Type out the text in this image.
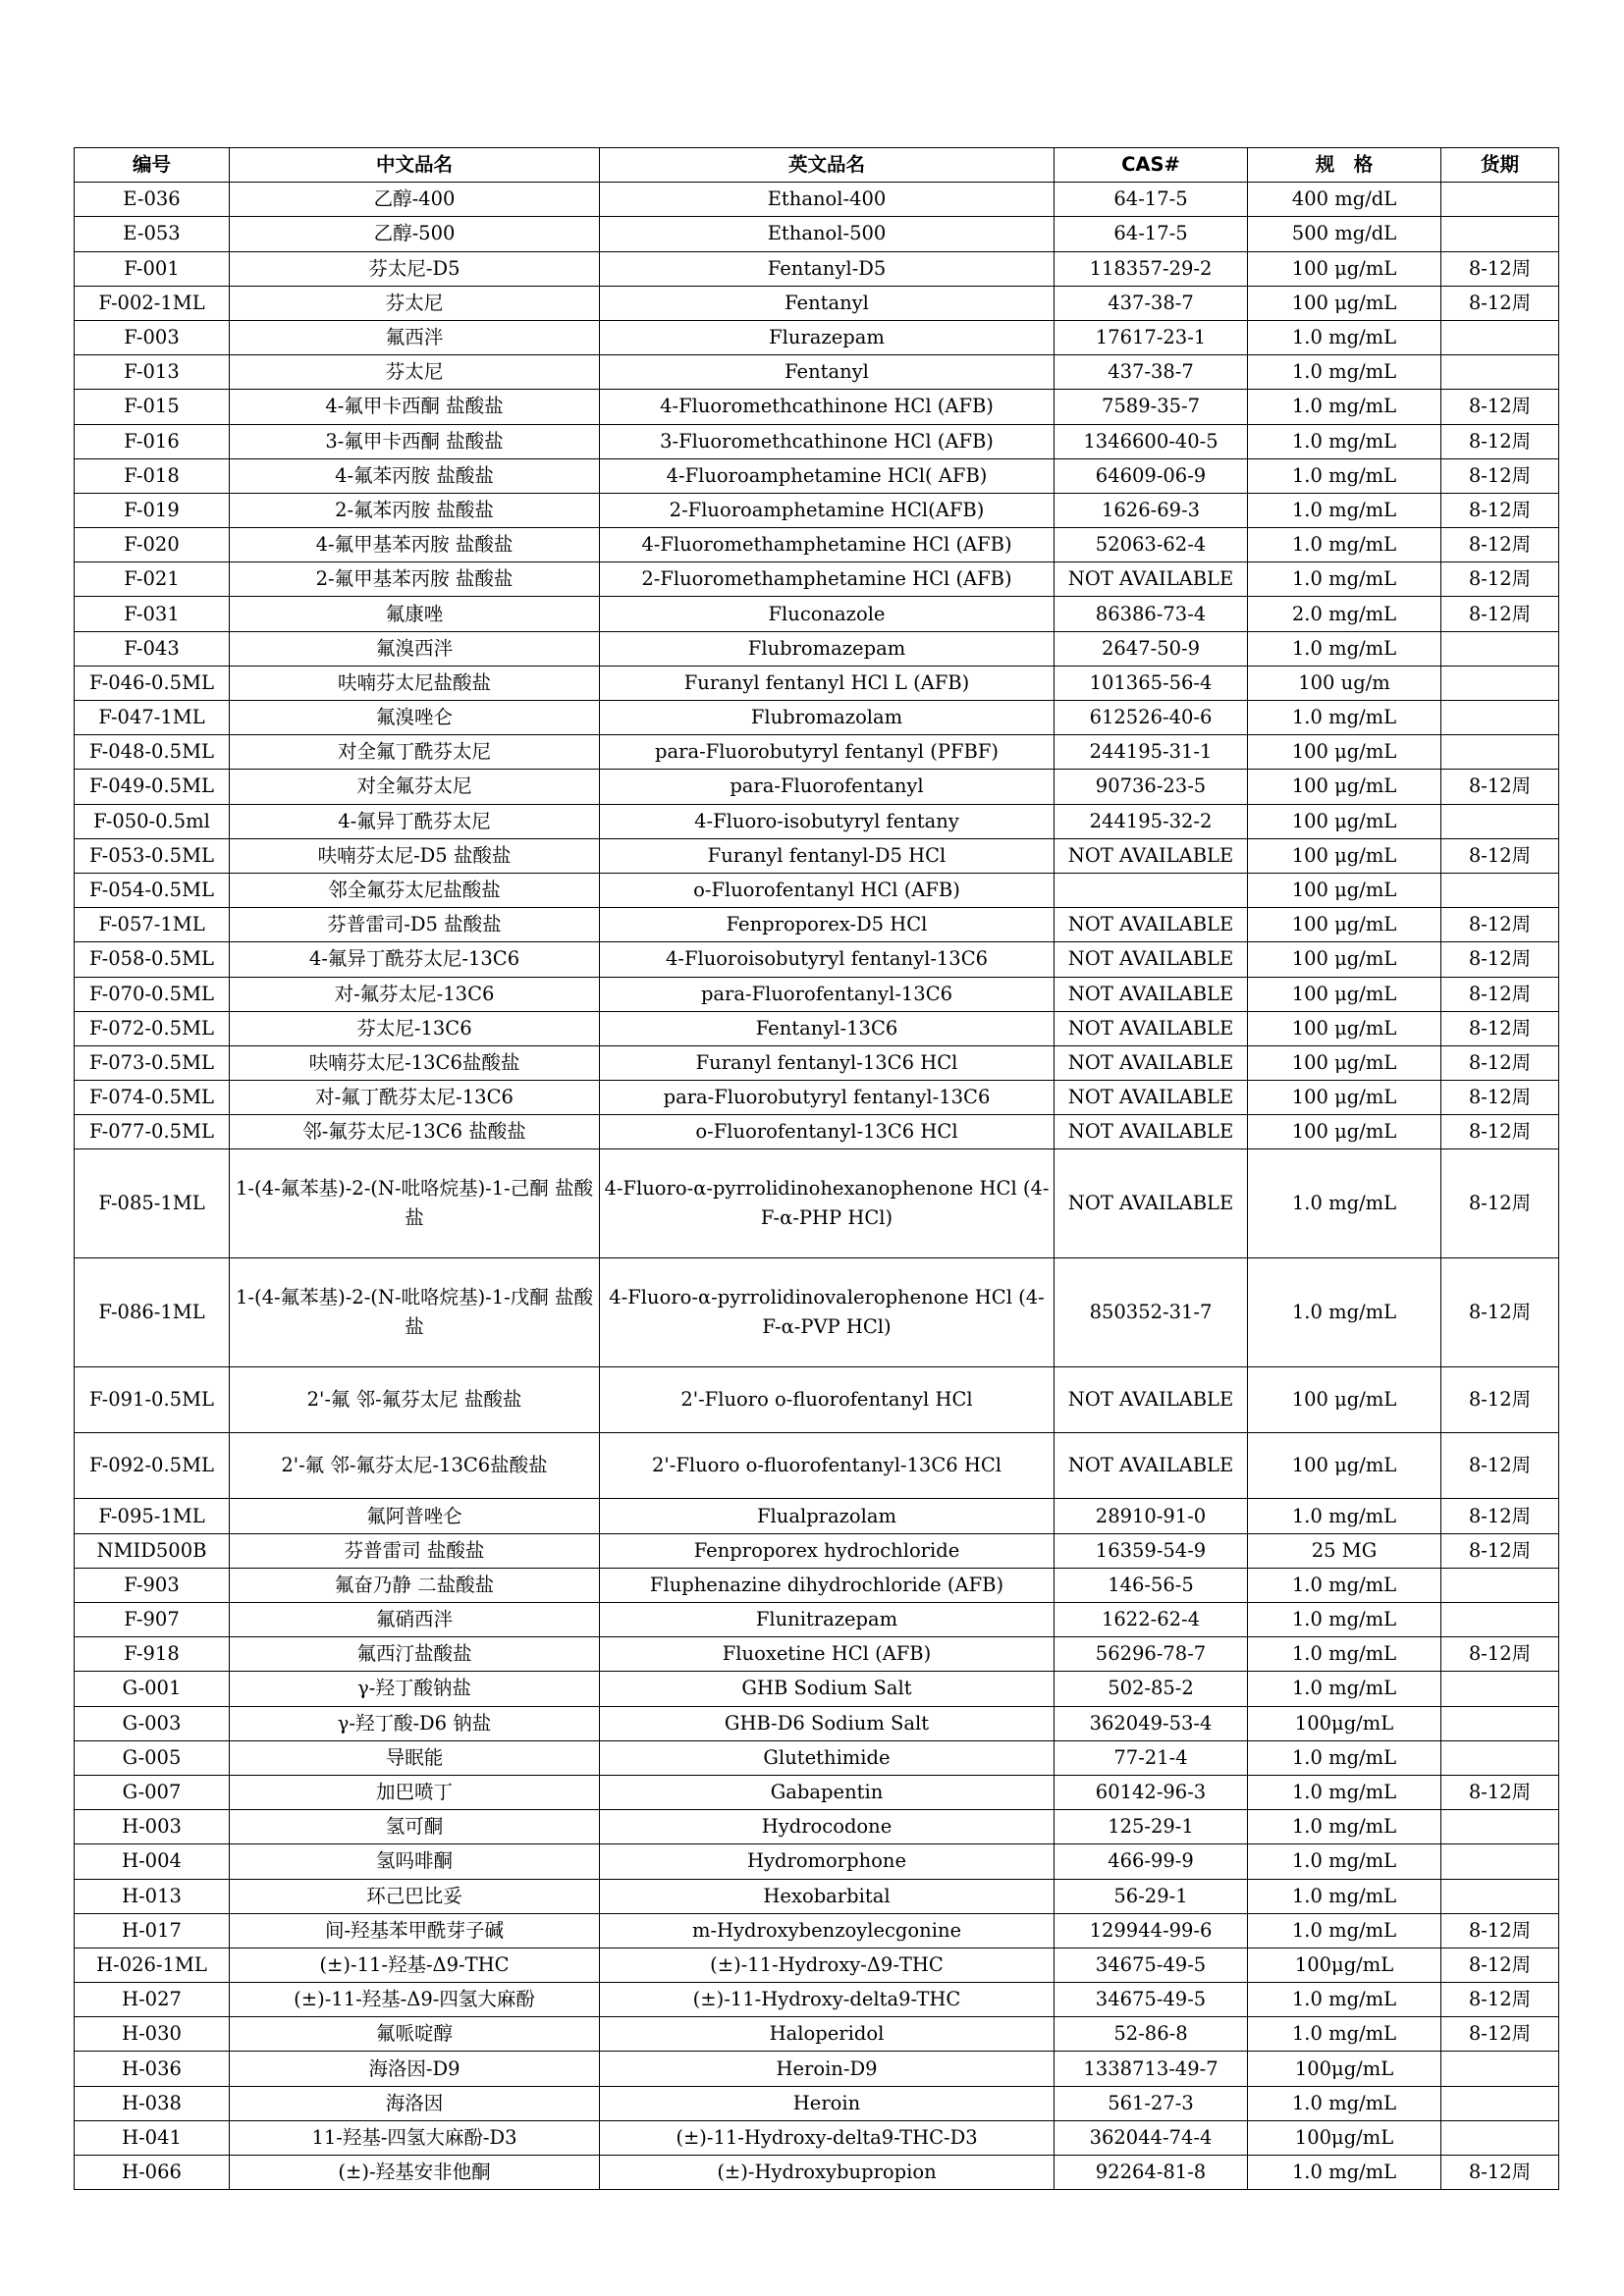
编号	中文品名	英文品名	CAS#	规　格	货期
E-036	乙醇-400	Ethanol-400	64-17-5	400 mg/dL	
E-053	乙醇-500	Ethanol-500	64-17-5	500 mg/dL	
F-001	芬太尼-D5	Fentanyl-D5	118357-29-2	100 μg/mL	8-12周
F-002-1ML	芬太尼	Fentanyl	437-38-7	100 μg/mL	8-12周
F-003	氟西泮	Flurazepam	17617-23-1	1.0 mg/mL	
F-013	芬太尼	Fentanyl	437-38-7	1.0 mg/mL	
F-015	4-氟甲卡西酮 盐酸盐	4-Fluoromethcathinone HCl (AFB)	7589-35-7	1.0 mg/mL	8-12周
F-016	3-氟甲卡西酮 盐酸盐	3-Fluoromethcathinone HCl (AFB)	1346600-40-5	1.0 mg/mL	8-12周
F-018	4-氟苯丙胺 盐酸盐	4-Fluoroamphetamine HCl( AFB)	64609-06-9	1.0 mg/mL	8-12周
F-019	2-氟苯丙胺 盐酸盐	2-Fluoroamphetamine HCl(AFB)	1626-69-3	1.0 mg/mL	8-12周
F-020	4-氟甲基苯丙胺 盐酸盐	4-Fluoromethamphetamine HCl (AFB)	52063-62-4	1.0 mg/mL	8-12周
F-021	2-氟甲基苯丙胺 盐酸盐	2-Fluoromethamphetamine HCl (AFB)	NOT AVAILABLE	1.0 mg/mL	8-12周
F-031	氟康唑	Fluconazole	86386-73-4	2.0 mg/mL	8-12周
F-043	氟溴西泮	Flubromazepam	2647-50-9	1.0 mg/mL	
F-046-0.5ML	呋喃芬太尼盐酸盐	Furanyl fentanyl HCl L (AFB)	101365-56-4	100 ug/m	
F-047-1ML	氟溴唑仑	Flubromazolam	612526-40-6	1.0 mg/mL	
F-048-0.5ML	对全氟丁酰芬太尼	para-Fluorobutyryl fentanyl (PFBF)	244195-31-1	100 μg/mL	
F-049-0.5ML	对全氟芬太尼	para-Fluorofentanyl	90736-23-5	100 μg/mL	8-12周
F-050-0.5ml	4-氟异丁酰芬太尼	4-Fluoro-isobutyryl fentany	244195-32-2	100 μg/mL	
F-053-0.5ML	呋喃芬太尼-D5 盐酸盐	Furanyl fentanyl-D5 HCl	NOT AVAILABLE	100 μg/mL	8-12周
F-054-0.5ML	邻全氟芬太尼盐酸盐	o-Fluorofentanyl HCl (AFB)		100 μg/mL	
F-057-1ML	芬普雷司-D5 盐酸盐	Fenproporex-D5 HCl	NOT AVAILABLE	100 μg/mL	8-12周
F-058-0.5ML	4-氟异丁酰芬太尼-13C6	4-Fluoroisobutyryl fentanyl-13C6	NOT AVAILABLE	100 μg/mL	8-12周
F-070-0.5ML	对-氟芬太尼-13C6	para-Fluorofentanyl-13C6	NOT AVAILABLE	100 μg/mL	8-12周
F-072-0.5ML	芬太尼-13C6	Fentanyl-13C6	NOT AVAILABLE	100 μg/mL	8-12周
F-073-0.5ML	呋喃芬太尼-13C6盐酸盐	Furanyl fentanyl-13C6 HCl	NOT AVAILABLE	100 μg/mL	8-12周
F-074-0.5ML	对-氟丁酰芬太尼-13C6	para-Fluorobutyryl fentanyl-13C6	NOT AVAILABLE	100 μg/mL	8-12周
F-077-0.5ML	邻-氟芬太尼-13C6 盐酸盐	o-Fluorofentanyl-13C6 HCl	NOT AVAILABLE	100 μg/mL	8-12周
F-085-1ML	1-(4-氟苯基)-2-(N-吡咯烷基)-1-己酮 盐酸盐	4-Fluoro-α-pyrrolidinohexanophenone HCl (4-F-α-PHP HCl)	NOT AVAILABLE	1.0 mg/mL	8-12周
F-086-1ML	1-(4-氟苯基)-2-(N-吡咯烷基)-1-戊酮 盐酸盐	4-Fluoro-α-pyrrolidinovalerophenone HCl (4-F-α-PVP HCl)	850352-31-7	1.0 mg/mL	8-12周
F-091-0.5ML	2'-氟 邻-氟芬太尼 盐酸盐	2'-Fluoro o-fluorofentanyl HCl	NOT AVAILABLE	100 μg/mL	8-12周
F-092-0.5ML	2'-氟 邻-氟芬太尼-13C6盐酸盐	2'-Fluoro o-fluorofentanyl-13C6 HCl	NOT AVAILABLE	100 μg/mL	8-12周
F-095-1ML	氟阿普唑仑	Flualprazolam	28910-91-0	1.0 mg/mL	8-12周
NMID500B	芬普雷司 盐酸盐	Fenproporex hydrochloride	16359-54-9	25 MG	8-12周
F-903	氟奋乃静 二盐酸盐	Fluphenazine dihydrochloride (AFB)	146-56-5	1.0 mg/mL	
F-907	氟硝西泮	Flunitrazepam	1622-62-4	1.0 mg/mL	
F-918	氟西汀盐酸盐	Fluoxetine HCl (AFB)	56296-78-7	1.0 mg/mL	8-12周
G-001	γ-羟丁酸钠盐	GHB Sodium Salt	502-85-2	1.0 mg/mL	
G-003	γ-羟丁酸-D6 钠盐	GHB-D6 Sodium Salt	362049-53-4	100μg/mL	
G-005	导眠能	Glutethimide	77-21-4	1.0 mg/mL	
G-007	加巴喷丁	Gabapentin	60142-96-3	1.0 mg/mL	8-12周
H-003	氢可酮	Hydrocodone	125-29-1	1.0 mg/mL	
H-004	氢吗啡酮	Hydromorphone	466-99-9	1.0 mg/mL	
H-013	环己巴比妥	Hexobarbital	56-29-1	1.0 mg/mL	
H-017	间-羟基苯甲酰芽子碱	m-Hydroxybenzoylecgonine	129944-99-6	1.0 mg/mL	8-12周
H-026-1ML	(±)-11-羟基-Δ9-THC	(±)-11-Hydroxy-Δ9-THC	34675-49-5	100μg/mL	8-12周
H-027	(±)-11-羟基-Δ9-四氢大麻酚	(±)-11-Hydroxy-delta9-THC	34675-49-5	1.0 mg/mL	8-12周
H-030	氟哌啶醇	Haloperidol	52-86-8	1.0 mg/mL	8-12周
H-036	海洛因-D9	Heroin-D9	1338713-49-7	100μg/mL	
H-038	海洛因	Heroin	561-27-3	1.0 mg/mL	
H-041	11-羟基-四氢大麻酚-D3	(±)-11-Hydroxy-delta9-THC-D3	362044-74-4	100μg/mL	
H-066	(±)-羟基安非他酮	(±)-Hydroxybupropion	92264-81-8	1.0 mg/mL	8-12周
